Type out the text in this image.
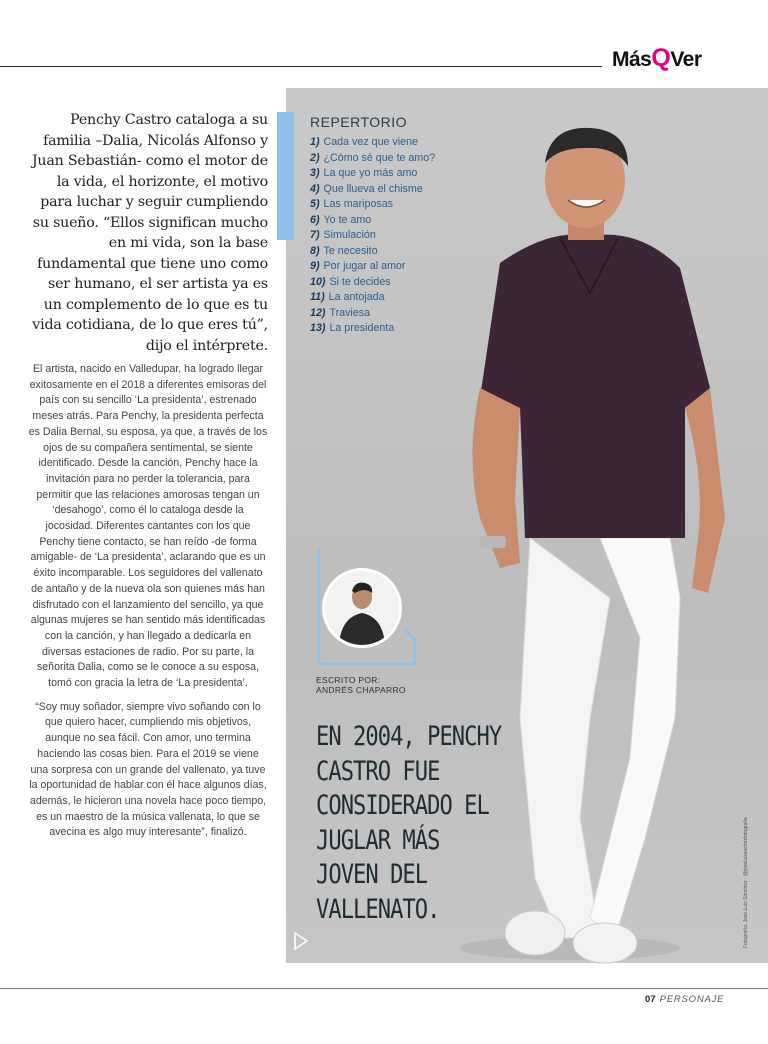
MásQVer

Penchy Castro cataloga a su familia –Dalia, Nicolás Alfonso y Juan Sebastián- como el motor de la vida, el horizonte, el motivo para luchar y seguir cumpliendo su sueño. “Ellos significan mucho en mi vida, son la base fundamental que tiene uno como ser humano, el ser artista ya es un complemento de lo que es tu vida cotidiana, de lo que eres tú”, dijo el intérprete.

El artista, nacido en Valledupar, ha logrado llegar exitosamente en el 2018 a diferentes emisoras del país con su sencillo ‘La presidenta’, estrenado meses atrás. Para Penchy, la presidenta perfecta es Dalia Bernal, su esposa, ya que, a través de los ojos de su compañera sentimental, se siente identificado. Desde la canción, Penchy hace la invitación para no perder la tolerancia, para permitir que las relaciones amorosas tengan un ‘desahogo’, como él lo cataloga desde la jocosidad. Diferentes cantantes con los que Penchy tiene contacto, se han reído -de forma amigable- de ‘La presidenta’, aclarando que es un éxito incomparable. Los seguidores del vallenato de antaño y de la nueva ola son quienes más han disfrutado con el lanzamiento del sencillo, ya que algunas mujeres se han sentido más identificadas con la canción, y han llegado a dedicarla en diversas estaciones de radio. Por su parte, la señorita Dalia, como se le conoce a su esposa, tomó con gracia la letra de ‘La presidenta’.

“Soy muy soñador, siempre vivo soñando con lo que quiero hacer, cumpliendo mis objetivos, aunque no sea fácil. Con amor, uno termina haciendo las cosas bien. Para el 2019 se viene una sorpresa con un grande del vallenato, ya tuve la oportunidad de hablar con él hace algunos días, además, le hicieron una novela hace poco tiempo, es un maestro de la música vallenata, lo que se avecina es algo muy interesante”, finalizó.

REPERTORIO
1) Cada vez que viene
2) ¿Cómo sé que te amo?
3) La que yo más amo
4) Que llueva el chisme
5) Las mariposas
6) Yo te amo
7) Simulación
8) Te necesito
9) Por jugar al amor
10) Si te decides
11) La antojada
12) Traviesa
13) La presidenta
ESCRITO POR:
ANDRÉS CHAPARRO
EN 2004, PENCHY
CASTRO FUE
CONSIDERADO EL
JUGLAR MÁS
JOVEN DEL
VALLENATO.	Fotografía: José Luis Sánchez · @joseluisanchezfotografia
07 PERSONAJE
